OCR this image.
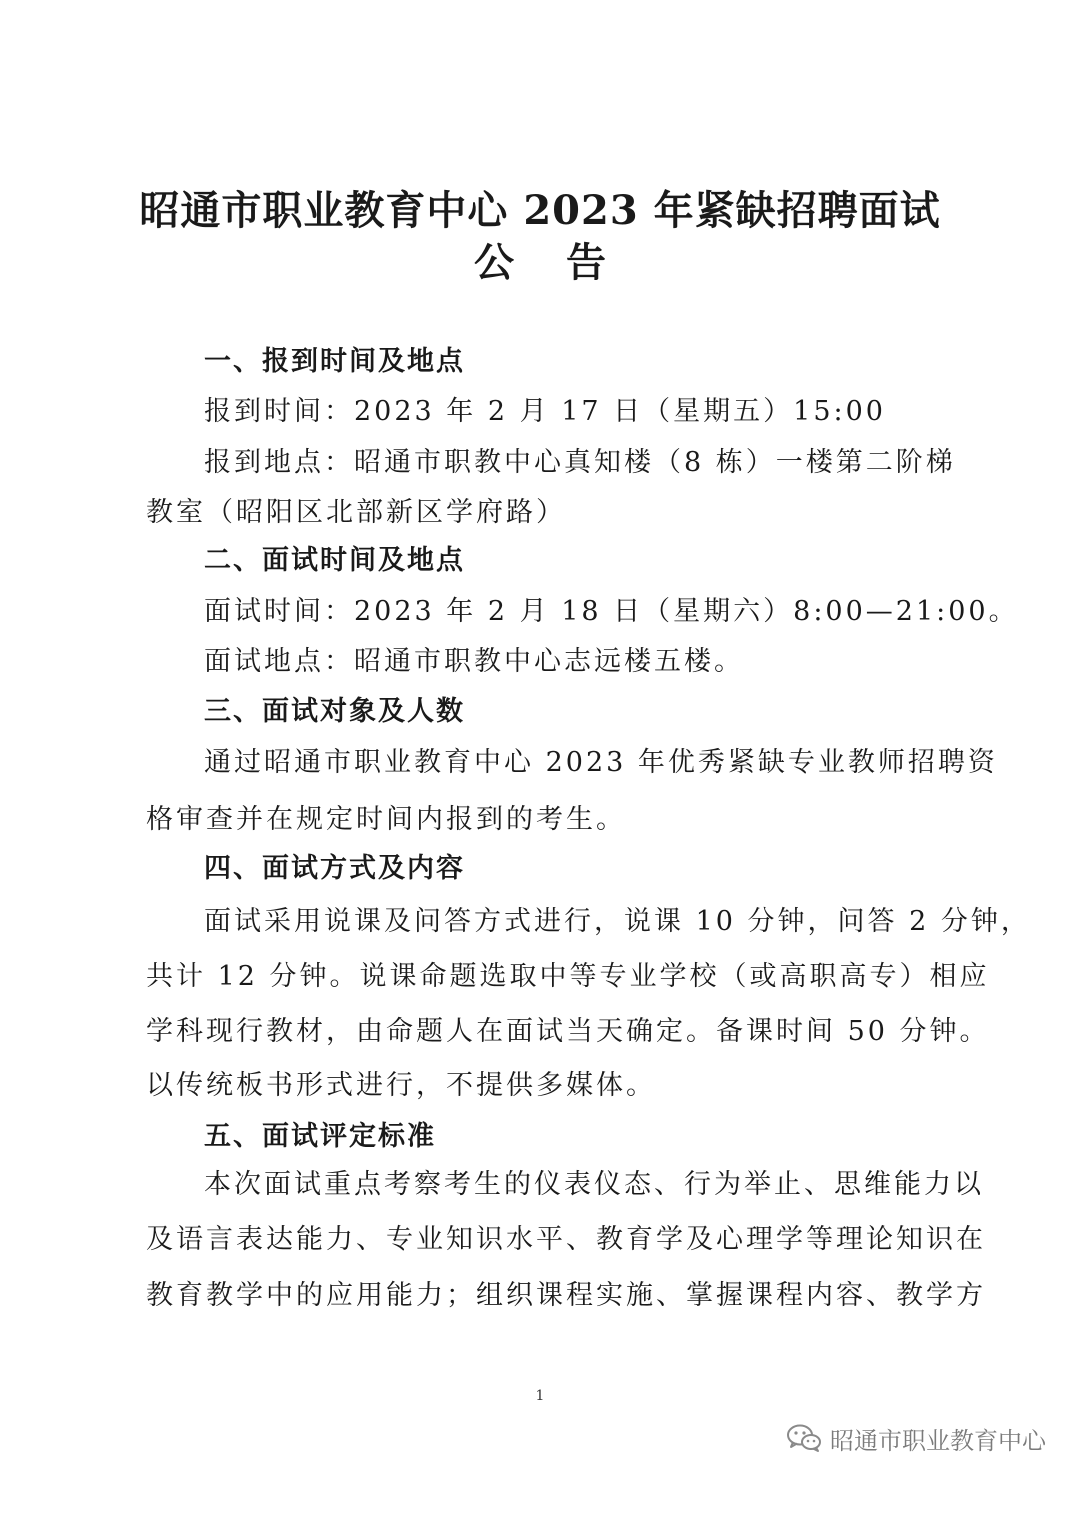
昭通市职业教育中心 2023 年紧缺招聘面试
公告
一、报到时间及地点
报到时间：2023 年 2 月 17 日（星期五）15:00
报到地点：昭通市职教中心真知楼（8 栋）一楼第二阶梯
教室（昭阳区北部新区学府路）
二、面试时间及地点
面试时间：2023 年 2 月 18 日（星期六）8:00—21:00。
面试地点：昭通市职教中心志远楼五楼。
三、面试对象及人数
通过昭通市职业教育中心 2023 年优秀紧缺专业教师招聘资
格审查并在规定时间内报到的考生。
四、面试方式及内容
面试采用说课及问答方式进行，说课 10 分钟，问答 2 分钟，
共计 12 分钟。说课命题选取中等专业学校（或高职高专）相应
学科现行教材，由命题人在面试当天确定。备课时间 50 分钟。
以传统板书形式进行，不提供多媒体。
五、面试评定标准
本次面试重点考察考生的仪表仪态、行为举止、思维能力以
及语言表达能力、专业知识水平、教育学及心理学等理论知识在
教育教学中的应用能力；组织课程实施、掌握课程内容、教学方
1
昭通市职业教育中心
